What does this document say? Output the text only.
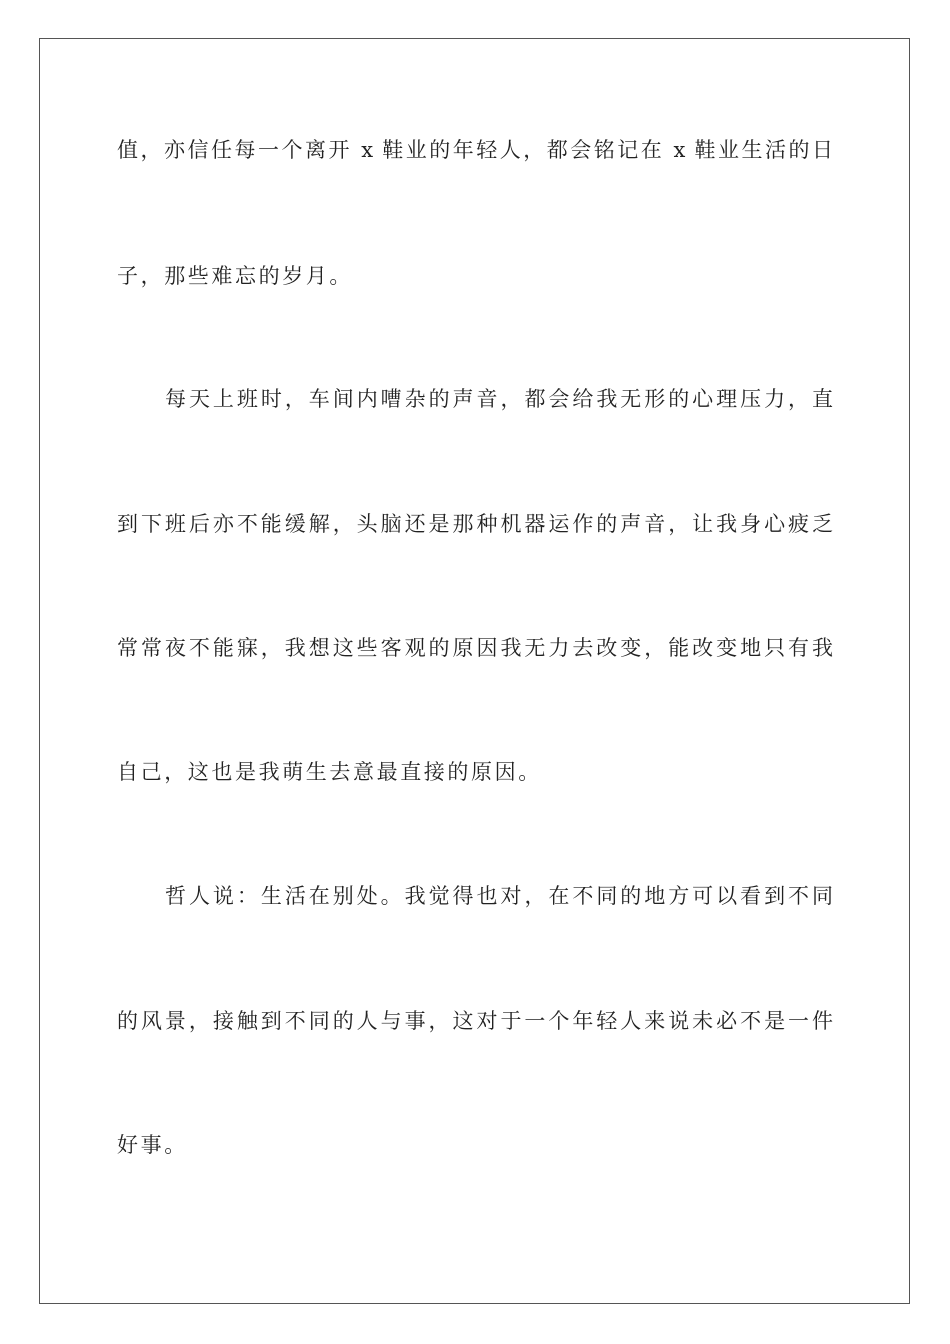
值，亦信任每一个离开 x 鞋业的年轻人，都会铭记在 x 鞋业生活的日
子，那些难忘的岁月。
每天上班时，车间内嘈杂的声音，都会给我无形的心理压力，直
到下班后亦不能缓解，头脑还是那种机器运作的声音，让我身心疲乏
常常夜不能寐，我想这些客观的原因我无力去改变，能改变地只有我
自己，这也是我萌生去意最直接的原因。
哲人说：生活在别处。我觉得也对，在不同的地方可以看到不同
的风景，接触到不同的人与事，这对于一个年轻人来说未必不是一件
好事。
